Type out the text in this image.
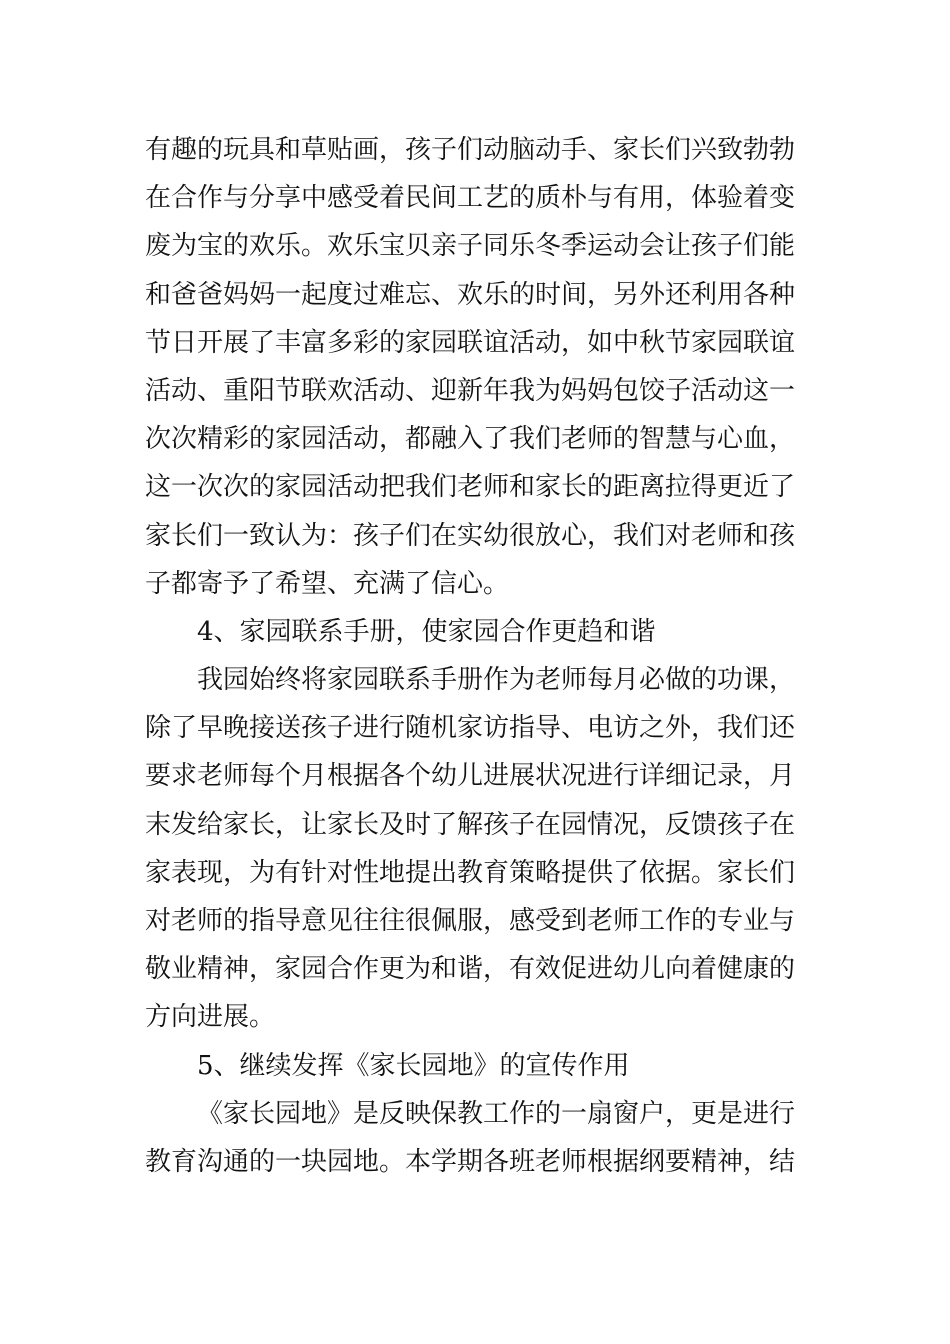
有趣的玩具和草贴画，孩子们动脑动手、家长们兴致勃勃
在合作与分享中感受着民间工艺的质朴与有用，体验着变
废为宝的欢乐。欢乐宝贝亲子同乐冬季运动会让孩子们能
和爸爸妈妈一起度过难忘、欢乐的时间，另外还利用各种
节日开展了丰富多彩的家园联谊活动，如中秋节家园联谊
活动、重阳节联欢活动、迎新年我为妈妈包饺子活动这一
次次精彩的家园活动，都融入了我们老师的智慧与心血，
这一次次的家园活动把我们老师和家长的距离拉得更近了
家长们一致认为：孩子们在实幼很放心，我们对老师和孩
子都寄予了希望、充满了信心。
4、家园联系手册，使家园合作更趋和谐
我园始终将家园联系手册作为老师每月必做的功课，
除了早晚接送孩子进行随机家访指导、电访之外，我们还
要求老师每个月根据各个幼儿进展状况进行详细记录，月
末发给家长，让家长及时了解孩子在园情况，反馈孩子在
家表现，为有针对性地提出教育策略提供了依据。家长们
对老师的指导意见往往很佩服，感受到老师工作的专业与
敬业精神，家园合作更为和谐，有效促进幼儿向着健康的
方向进展。
5、继续发挥《家长园地》的宣传作用
《家长园地》是反映保教工作的一扇窗户，更是进行
教育沟通的一块园地。本学期各班老师根据纲要精神，结
